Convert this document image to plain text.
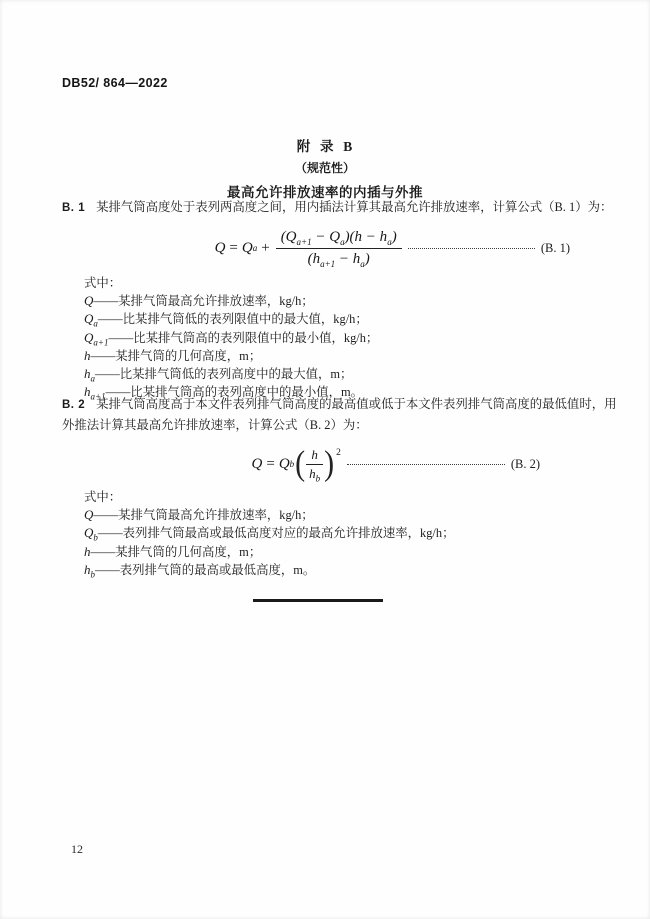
DB52/ 864—2022
附  录  B
（规范性）
最高允许排放速率的内插与外推
B. 1 某排气筒高度处于表列两高度之间，用内插法计算其最高允许排放速率，计算公式（B. 1）为：
Q = Q $a + \frac{(Q_{a+1} - Q_a)(h - h_a)}{(h_{a+1} - h_a)}$	(B. 1)
式中：
Q——某排气筒最高允许排放速率，kg/h；
$Q_a——$比某排气筒低的表列限值中的最大值，kg/h；
$Q_{a+1}——$比某排气筒高的表列限值中的最小值，kg/h；
h——某排气筒的几何高度，m；
$h_a——$比某排气筒低的表列高度中的最大值，m；
$h_{a+1}——$比某排气筒高的表列高度中的最小值，m。
B. 2 某排气筒高度高于本文件表列排气筒高度的最高值或低于本文件表列排气筒高度的最低值时，用
外推法计算其最高允许排放速率，计算公式（B. 2）为：
Q = Q b ( $\frac{h}{h_b}$ ) 2
(B. 2)
式中：
Q——某排气筒最高允许排放速率，kg/h；
$Q_b——$表列排气筒最高或最低高度对应的最高允许排放速率，kg/h；
h——某排气筒的几何高度，m；
$h_b——$表列排气筒的最高或最低高度，m。
12
